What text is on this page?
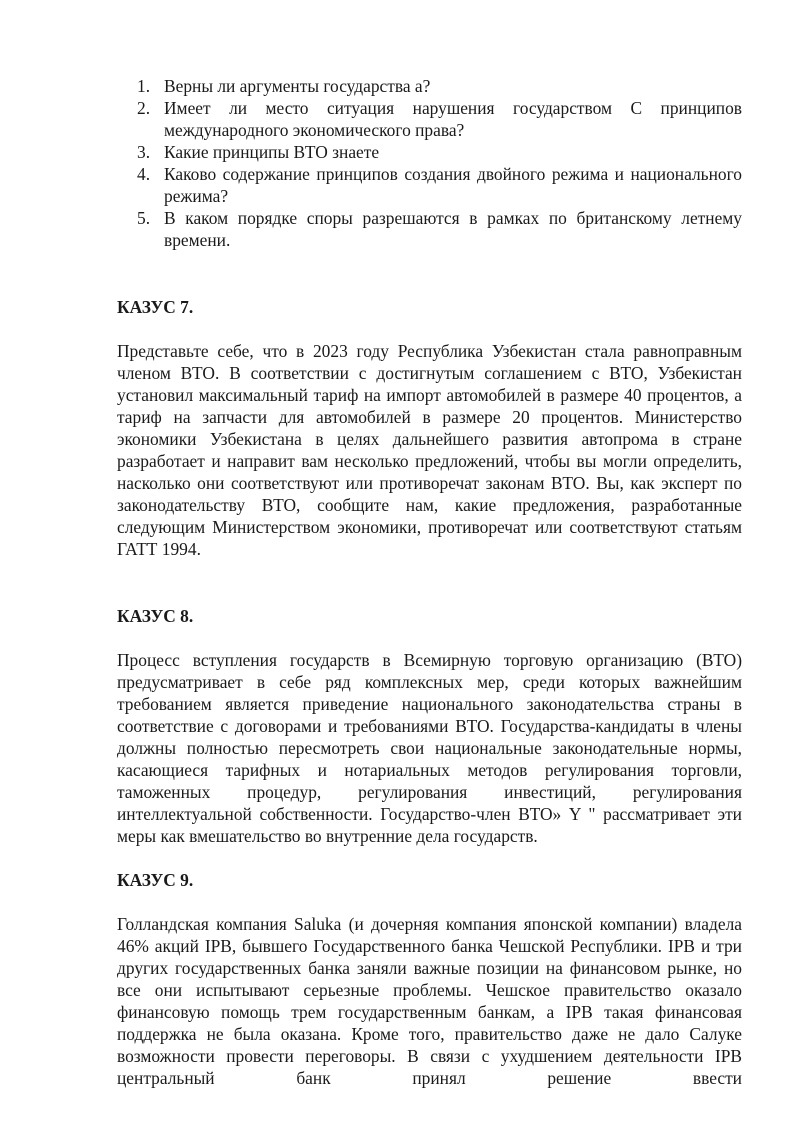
1. Верны ли аргументы государства а?
2. Имеет ли место ситуация нарушения государством С принципов международного экономического права?
3. Какие принципы ВТО знаете
4. Каково содержание принципов создания двойного режима и национального режима?
5. В каком порядке споры разрешаются в рамках по британскому летнему времени.
КАЗУС 7.

Представьте себе, что в 2023 году Республика Узбекистан стала равноправным членом ВТО. В соответствии с достигнутым соглашением с ВТО, Узбекистан установил максимальный тариф на импорт автомобилей в размере 40 процентов, а тариф на запчасти для автомобилей в размере 20 процентов. Министерство экономики Узбекистана в целях дальнейшего развития автопрома в стране разработает и направит вам несколько предложений, чтобы вы могли определить, насколько они соответствуют или противоречат законам ВТО. Вы, как эксперт по законодательству ВТО, сообщите нам, какие предложения, разработанные следующим Министерством экономики, противоречат или соответствуют статьям ГАТТ 1994.

КАЗУС 8.

Процесс вступления государств в Всемирную торговую организацию (ВТО) предусматривает в себе ряд комплексных мер, среди которых важнейшим требованием является приведение национального законодательства страны в соответствие с договорами и требованиями ВТО. Государства-кандидаты в члены должны полностью пересмотреть свои национальные законодательные нормы, касающиеся тарифных и нотариальных методов регулирования торговли, таможенных процедур, регулирования инвестиций, регулирования интеллектуальной собственности. Государство-член ВТО» Y " рассматривает эти меры как вмешательство во внутренние дела государств.

КАЗУС 9.

Голландская компания Saluka (и дочерняя компания японской компании) владела 46% акций IPB, бывшего Государственного банка Чешской Республики. IPB и три других государственных банка заняли важные позиции на финансовом рынке, но все они испытывают серьезные проблемы. Чешское правительство оказало финансовую помощь трем государственным банкам, а IPB такая финансовая поддержка не была оказана. Кроме того, правительство даже не дало Салуке возможности провести переговоры. В связи с ухудшением деятельности IPB центральный банк принял решение ввести
